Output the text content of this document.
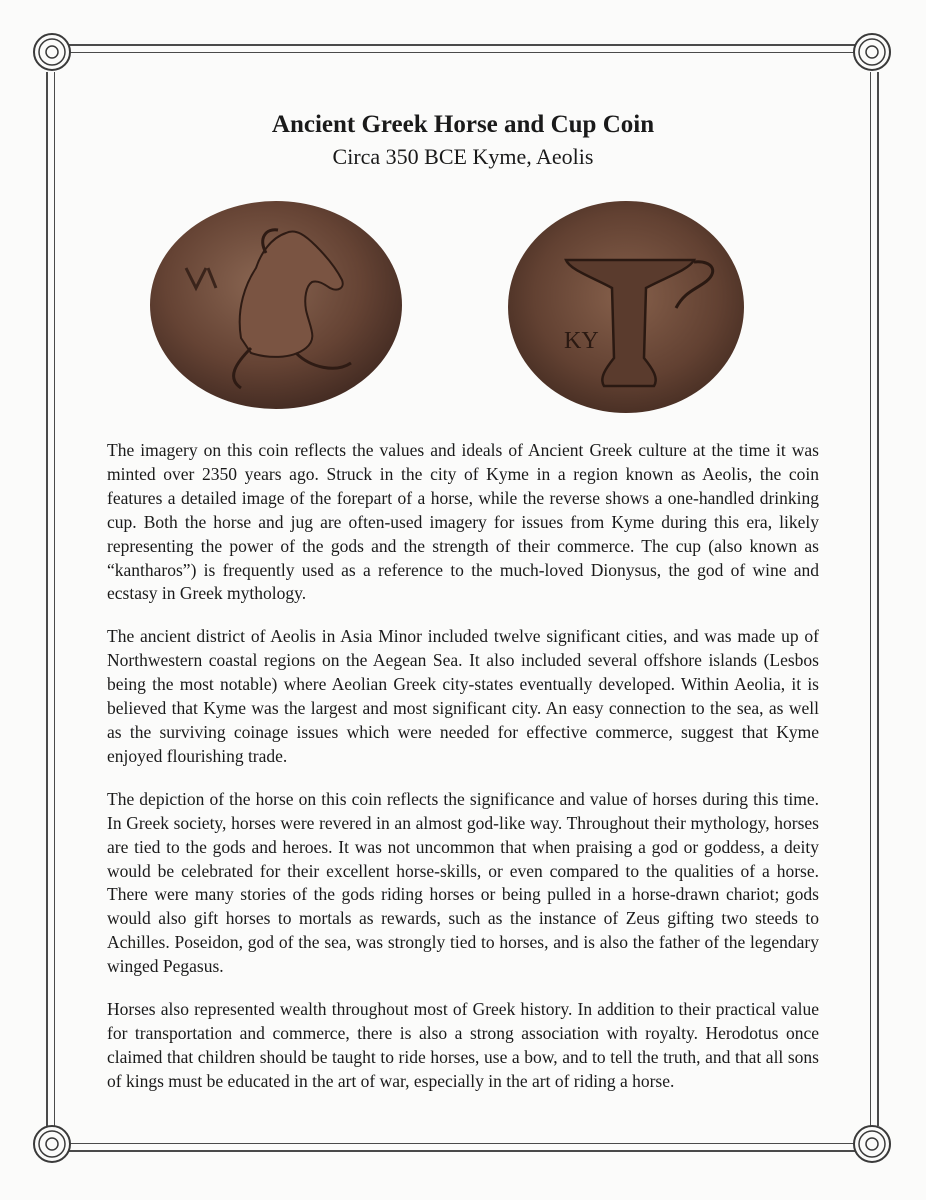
Ancient Greek Horse and Cup Coin

Circa 350 BCE Kyme, Aeolis

ΚΥ

The imagery on this coin reflects the values and ideals of Ancient Greek culture at the time it was minted over 2350 years ago. Struck in the city of Kyme in a region known as Aeolis, the coin features a detailed image of the forepart of a horse, while the reverse shows a one-handled drinking cup. Both the horse and jug are often-used imagery for issues from Kyme during this era, likely representing the power of the gods and the strength of their commerce. The cup (also known as “kantharos”) is frequently used as a reference to the much-loved Dionysus, the god of wine and ecstasy in Greek mythology.

The ancient district of Aeolis in Asia Minor included twelve significant cities, and was made up of Northwestern coastal regions on the Aegean Sea. It also included several offshore islands (Lesbos being the most notable) where Aeolian Greek city-states eventually developed. Within Aeolia, it is believed that Kyme was the largest and most significant city. An easy connection to the sea, as well as the surviving coinage issues which were needed for effective commerce, suggest that Kyme enjoyed flourishing trade.

The depiction of the horse on this coin reflects the significance and value of horses during this time. In Greek society, horses were revered in an almost god-like way. Throughout their mythology, horses are tied to the gods and heroes. It was not uncommon that when praising a god or goddess, a deity would be celebrated for their excellent horse-skills, or even compared to the qualities of a horse. There were many stories of the gods riding horses or being pulled in a horse-drawn chariot; gods would also gift horses to mortals as rewards, such as the instance of Zeus gifting two steeds to Achilles. Poseidon, god of the sea, was strongly tied to horses, and is also the father of the legendary winged Pegasus.

Horses also represented wealth throughout most of Greek history. In addition to their practical value for transportation and commerce, there is also a strong association with royalty. Herodotus once claimed that children should be taught to ride horses, use a bow, and to tell the truth, and that all sons of kings must be educated in the art of war, especially in the art of riding a horse.
